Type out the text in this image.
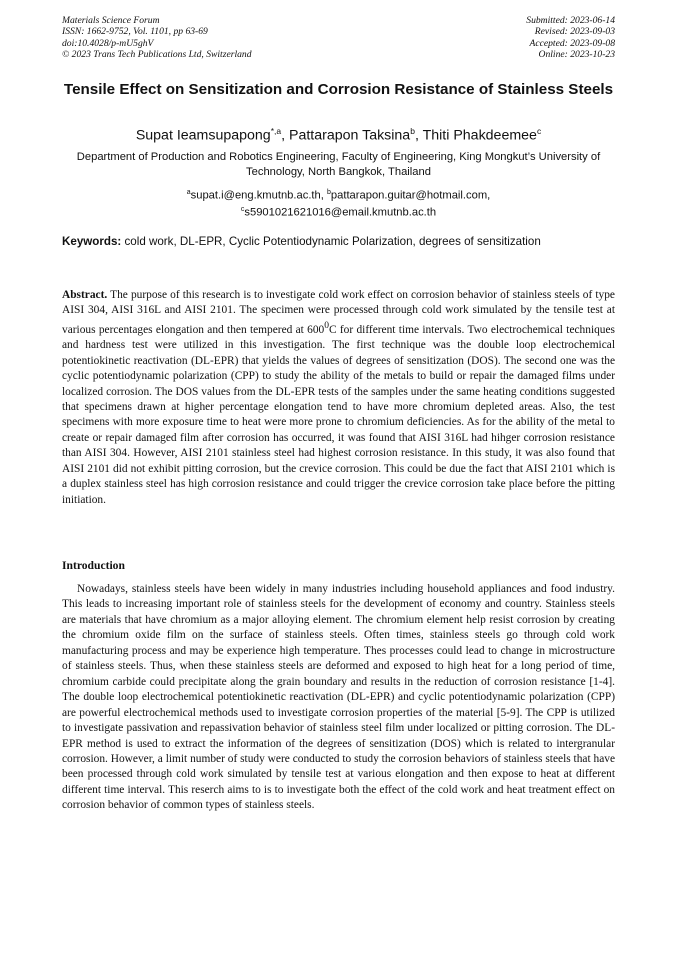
Materials Science Forum
ISSN: 1662-9752, Vol. 1101, pp 63-69
doi:10.4028/p-mU5ghV
© 2023 Trans Tech Publications Ltd, Switzerland
Submitted: 2023-06-14
Revised: 2023-09-03
Accepted: 2023-09-08
Online: 2023-10-23
Tensile Effect on Sensitization and Corrosion Resistance of Stainless Steels
Supat Ieamsupapong$^{*,a}$, Pattarapon Taksina$^b$, Thiti Phakdeemee$^c$
Department of Production and Robotics Engineering, Faculty of Engineering, King Mongkut’s University of Technology, North Bangkok, Thailand
$^a$supat.i@eng.kmutnb.ac.th, $^b$pattarapon.guitar@hotmail.com,
$^c$s5901021621016@email.kmutnb.ac.th
Keywords: cold work, DL-EPR, Cyclic Potentiodynamic Polarization, degrees of sensitization

Abstract. The purpose of this research is to investigate cold work effect on corrosion behavior of stainless steels of type AISI 304, AISI 316L and AISI 2101. The specimen were processed through cold work simulated by the tensile test at various percentages elongation and then tempered at $600^0C$ for different time intervals. Two electrochemical techniques and hardness test were utilized in this investigation. The first technique was the double loop electrochemical potentiokinetic reactivation (DL-EPR) that yields the values of degrees of sensitization (DOS). The second one was the cyclic potentiodynamic polarization (CPP) to study the ability of the metals to build or repair the damaged films under localized corrosion. The DOS values from the DL-EPR tests of the samples under the same heating conditions suggested that specimens drawn at higher percentage elongation tend to have more chromium depleted areas. Also, the test specimens with more exposure time to heat were more prone to chromium deficiencies. As for the ability of the metal to create or repair damaged film after corrosion has occurred, it was found that AISI 316L had hihger corrosion resistance than AISI 304. However, AISI 2101 stainless steel had highest corrosion resistance. In this study, it was also found that AISI 2101 did not exhibit pitting corrosion, but the crevice corrosion. This could be due the fact that AISI 2101 which is a duplex stainless steel has high corrosion resistance and could trigger the crevice corrosion take place before the pitting initiation.

Introduction

Nowadays, stainless steels have been widely in many industries including household appliances and food industry. This leads to increasing important role of stainless steels for the development of economy and country. Stainless steels are materials that have chromium as a major alloying element. The chromium element help resist corrosion by creating the chromium oxide film on the surface of stainless steels. Often times, stainless steels go through cold work manufacturing process and may be experience high temperature. Thes processes could lead to change in microstructure of stainless steels. Thus, when these stainless steels are deformed and exposed to high heat for a long period of time, chromium carbide could precipitate along the grain boundary and results in the reduction of corrosion resistance [1-4]. The double loop electrochemical potentiokinetic reactivation (DL-EPR) and cyclic potentiodynamic polarization (CPP) are powerful electrochemical methods used to investigate corrosion properties of the material [5-9]. The CPP is utilized to investigate passivation and repassivation behavior of stainless steel film under localized or pitting corrosion. The DL-EPR method is used to extract the information of the degrees of sensitization (DOS) which is related to intergranular corrosion. However, a limit number of study were conducted to study the corrosion behaviors of stainless steels that have been processed through cold work simulated by tensile test at various elongation and then expose to heat at different different time interval. This reserch aims to is to investigate both the effect of the cold work and heat treatment effect on corrosion behavior of common types of stainless steels.
